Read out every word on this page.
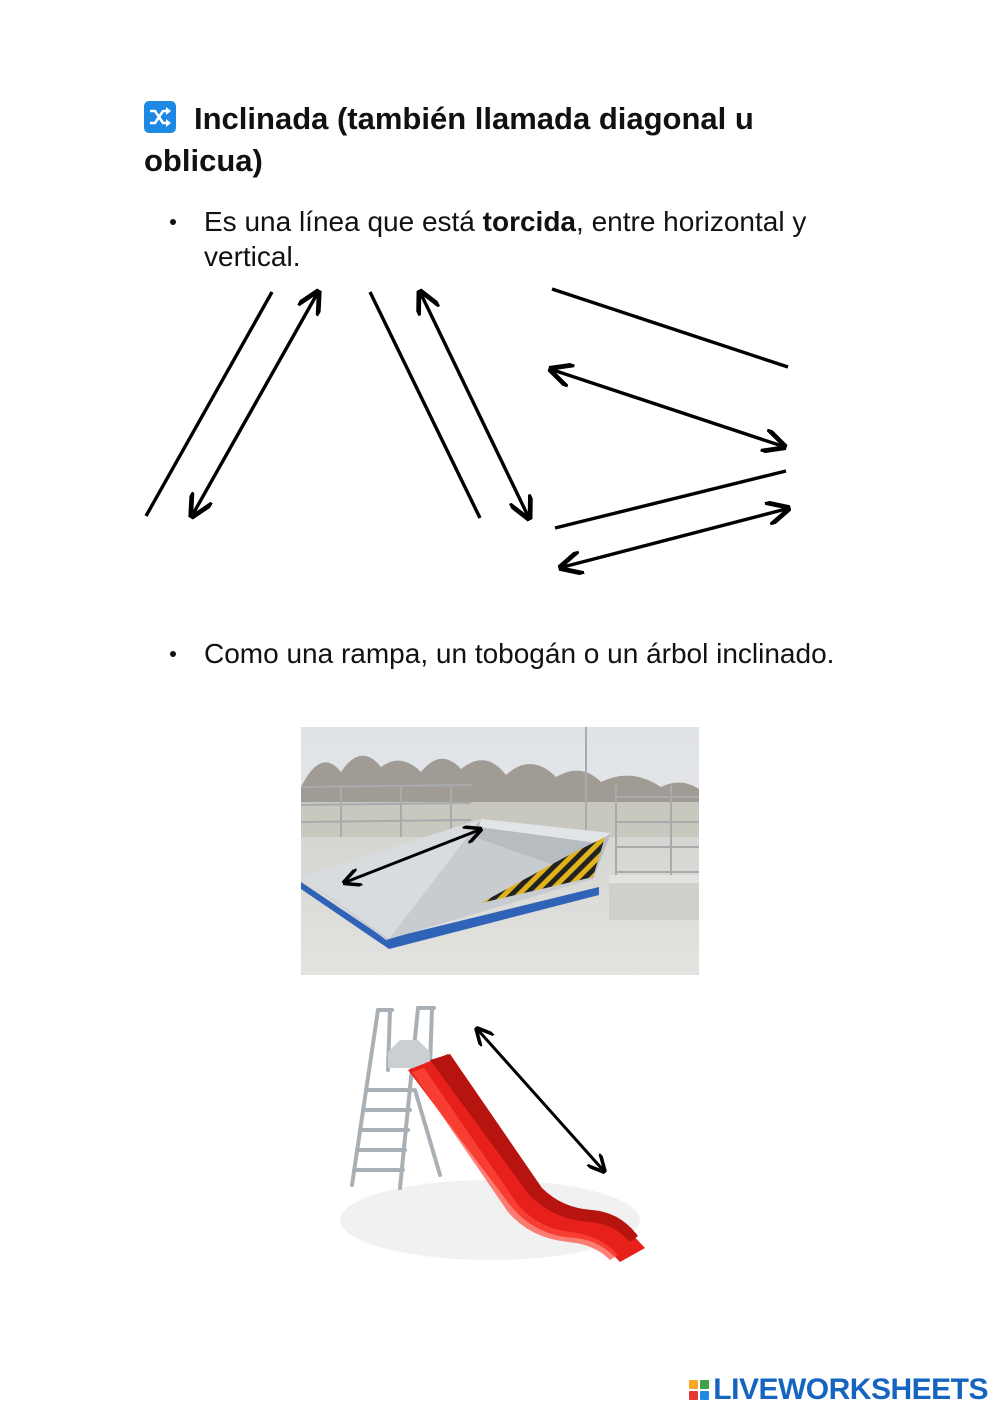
Inclinada (también llamada diagonal u oblicua)

Es una línea que está torcida, entre horizontal y vertical.

Como una rampa, un tobogán o un árbol inclinado.

LIVEWORKSHEETS
